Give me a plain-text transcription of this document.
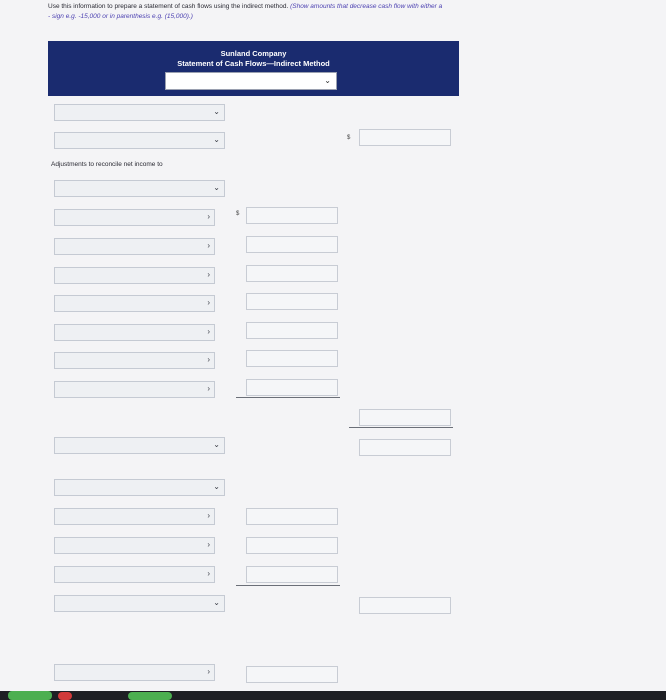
Use this information to prepare a statement of cash flows using the indirect method. (Show amounts that decrease cash flow with either a
- sign e.g. -15,000 or in parenthesis e.g. (15,000).)
Sunland Company
Statement of Cash Flows—Indirect Method
⌄
⌄
⌄	$
Adjustments to reconcile net income to
⌄
›	$
›
›
›
›
›
›
⌄
⌄
›
›
›
⌄
›
